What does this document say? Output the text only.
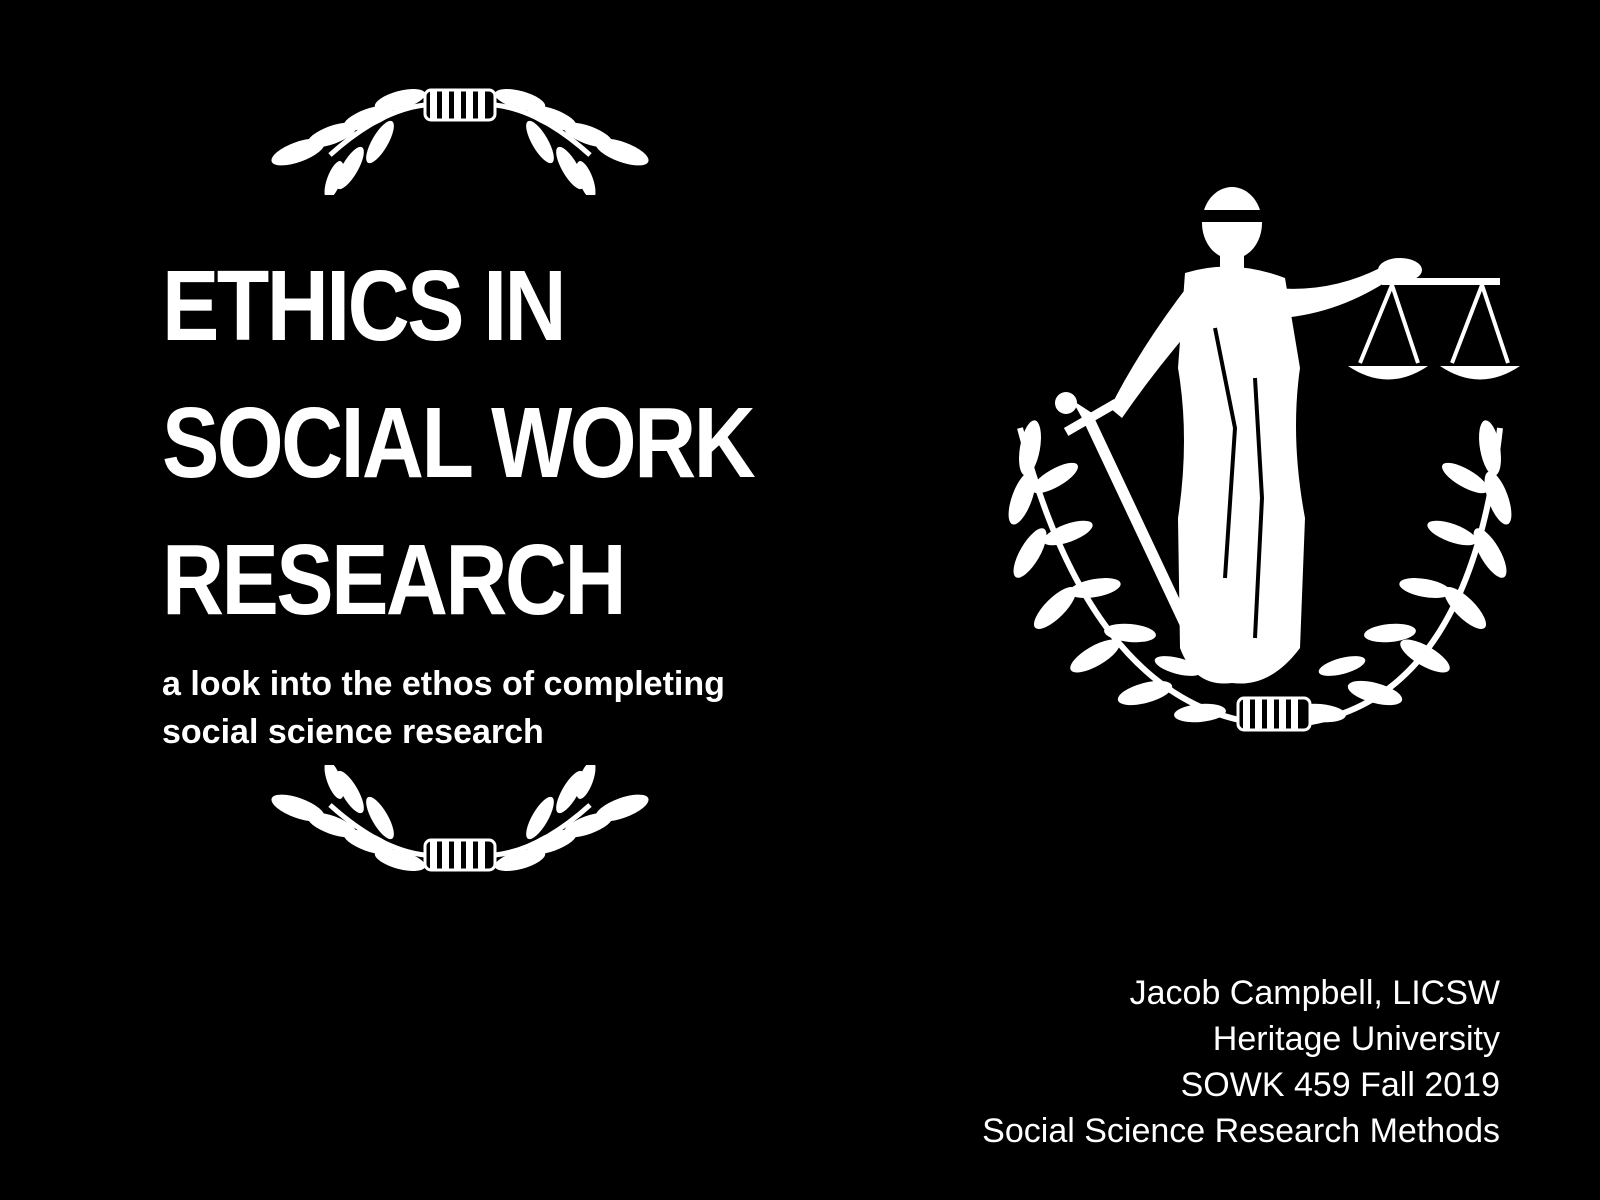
ETHICS IN
SOCIAL WORK
RESEARCH

a look into the ethos of completing
social science research

Jacob Campbell, LICSW
Heritage University
SOWK 459 Fall 2019
Social Science Research Methods
